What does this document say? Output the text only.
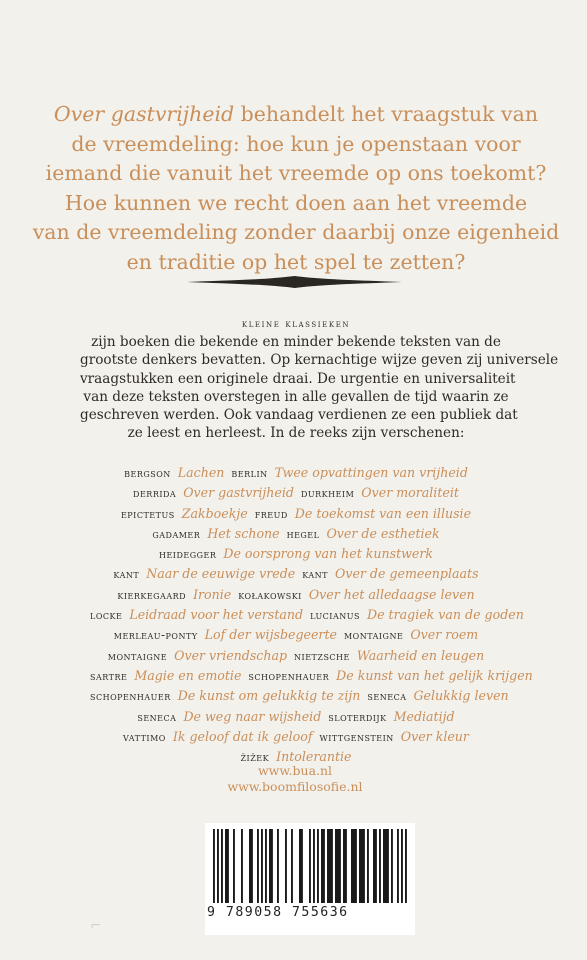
Over gastvrijheid behandelt het vraagstuk van
de vreemdeling: hoe kun je openstaan voor
iemand die vanuit het vreemde op ons toekomt?
Hoe kunnen we recht doen aan het vreemde
van de vreemdeling zonder daarbij onze eigenheid
en traditie op het spel te zetten?
kleine klassieken
zijn boeken die bekende en minder bekende teksten van de
grootste denkers bevatten. Op kernachtige wijze geven zij universele
vraagstukken een originele draai. De urgentie en universaliteit
van deze teksten overstegen in alle gevallen de tijd waarin ze
geschreven werden. Ook vandaag verdienen ze een publiek dat
ze leest en herleest. In de reeks zijn verschenen:
bergson Lachen berlin Twee opvattingen van vrijheid
derrida Over gastvrijheid durkheim Over moraliteit
epictetus Zakboekje freud De toekomst van een illusie
gadamer Het schone hegel Over de esthetiek
heidegger De oorsprong van het kunstwerk
kant Naar de eeuwige vrede kant Over de gemeenplaats
kierkegaard Ironie kołakowski Over het alledaagse leven
locke Leidraad voor het verstand lucianus De tragiek van de goden
merleau-ponty Lof der wijsbegeerte montaigne Over roem
montaigne Over vriendschap nietzsche Waarheid en leugen
sartre Magie en emotie schopenhauer De kunst van het gelijk krijgen
schopenhauer De kunst om gelukkig te zijn seneca Gelukkig leven
seneca De weg naar wijsheid sloterdijk Mediatijd
vattimo Ik geloof dat ik geloof wittgenstein Over kleur
žižek Intolerantie
www.bua.nl
www.boomfilosofie.nl
9 789058 755636
⌐
